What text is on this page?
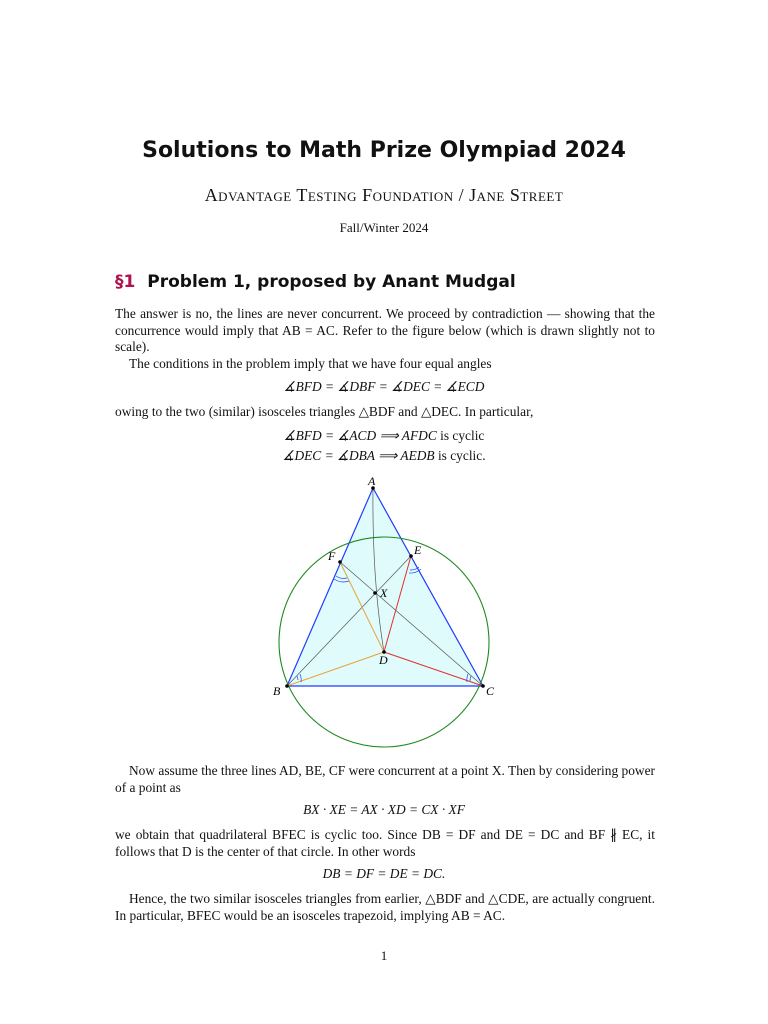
Solutions to Math Prize Olympiad 2024
Advantage Testing Foundation / Jane Street
Fall/Winter 2024
§1 Problem 1, proposed by Anant Mudgal
The answer is no, the lines are never concurrent. We proceed by contradiction — showing that the concurrence would imply that AB = AC. Refer to the figure below (which is drawn slightly not to scale).
The conditions in the problem imply that we have four equal angles
∡BFD = ∡DBF = ∡DEC = ∡ECD
owing to the two (similar) isosceles triangles △BDF and △DEC. In particular,
∡BFD = ∡ACD ⟹ AFDC is cyclic
∡DEC = ∡DBA ⟹ AEDB is cyclic.
A
B	C
D
E
F
X
Now assume the three lines AD, BE, CF were concurrent at a point X. Then by considering power of a point as
BX · XE = AX · XD = CX · XF
we obtain that quadrilateral BFEC is cyclic too. Since DB = DF and DE = DC and BF ∦ EC, it follows that D is the center of that circle. In other words
DB = DF = DE = DC.
Hence, the two similar isosceles triangles from earlier, △BDF and △CDE, are actually congruent. In particular, BFEC would be an isosceles trapezoid, implying AB = AC.
1
